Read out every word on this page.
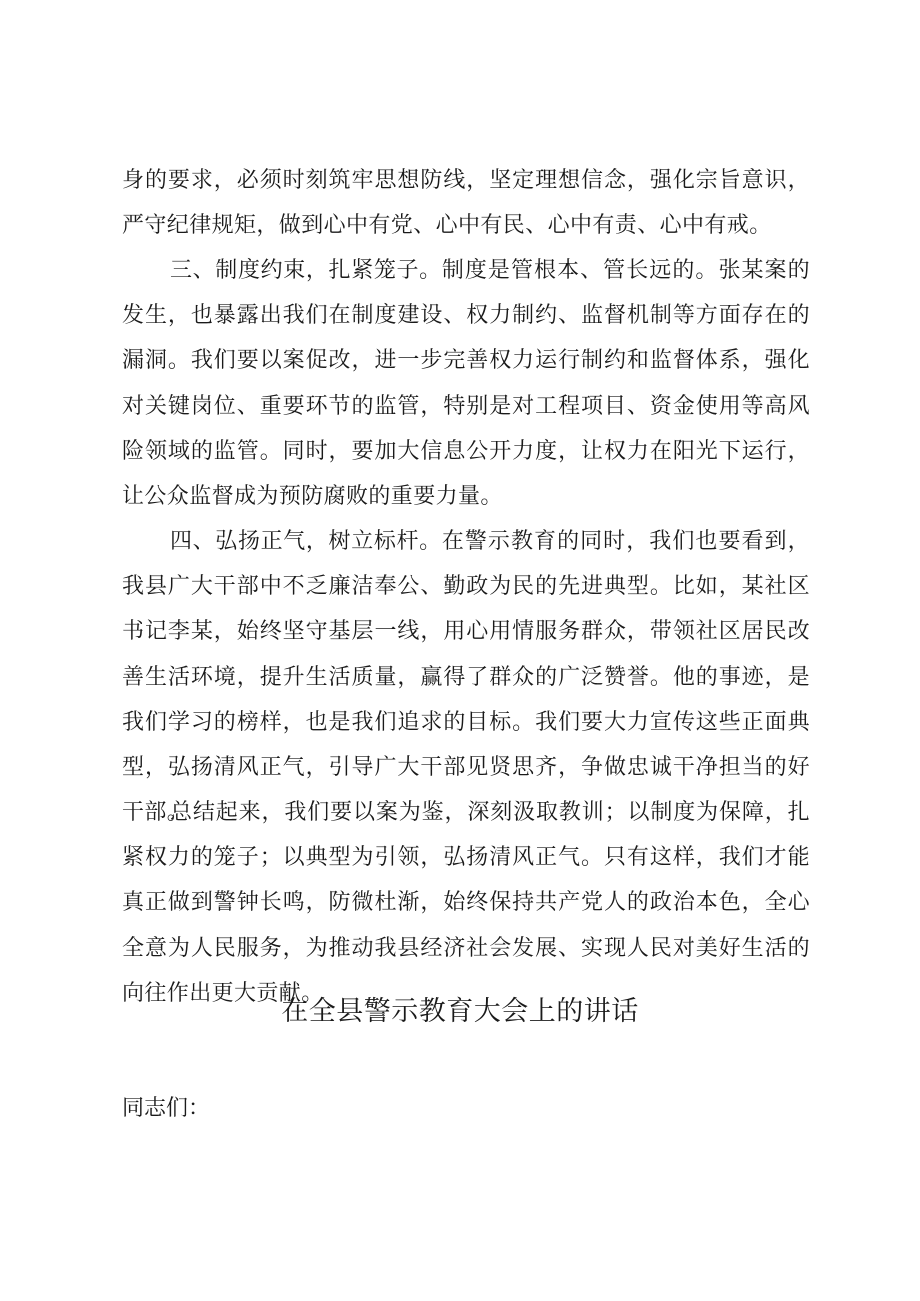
身的要求，必须时刻筑牢思想防线，坚定理想信念，强化宗旨意识，严守纪律规矩，做到心中有党、心中有民、心中有责、心中有戒。

三、制度约束，扎紧笼子。制度是管根本、管长远的。张某案的发生，也暴露出我们在制度建设、权力制约、监督机制等方面存在的漏洞。我们要以案促改，进一步完善权力运行制约和监督体系，强化对关键岗位、重要环节的监管，特别是对工程项目、资金使用等高风险领域的监管。同时，要加大信息公开力度，让权力在阳光下运行，让公众监督成为预防腐败的重要力量。

四、弘扬正气，树立标杆。在警示教育的同时，我们也要看到，我县广大干部中不乏廉洁奉公、勤政为民的先进典型。比如，某社区书记李某，始终坚守基层一线，用心用情服务群众，带领社区居民改善生活环境，提升生活质量，赢得了群众的广泛赞誉。他的事迹，是我们学习的榜样，也是我们追求的目标。我们要大力宣传这些正面典型，弘扬清风正气，引导广大干部见贤思齐，争做忠诚干净担当的好干部。

总结起来，我们要以案为鉴，深刻汲取教训；以制度为保障，扎紧权力的笼子；以典型为引领，弘扬清风正气。只有这样，我们才能真正做到警钟长鸣，防微杜渐，始终保持共产党人的政治本色，全心全意为人民服务，为推动我县经济社会发展、实现人民对美好生活的向往作出更大贡献。

在全县警示教育大会上的讲话

同志们：
